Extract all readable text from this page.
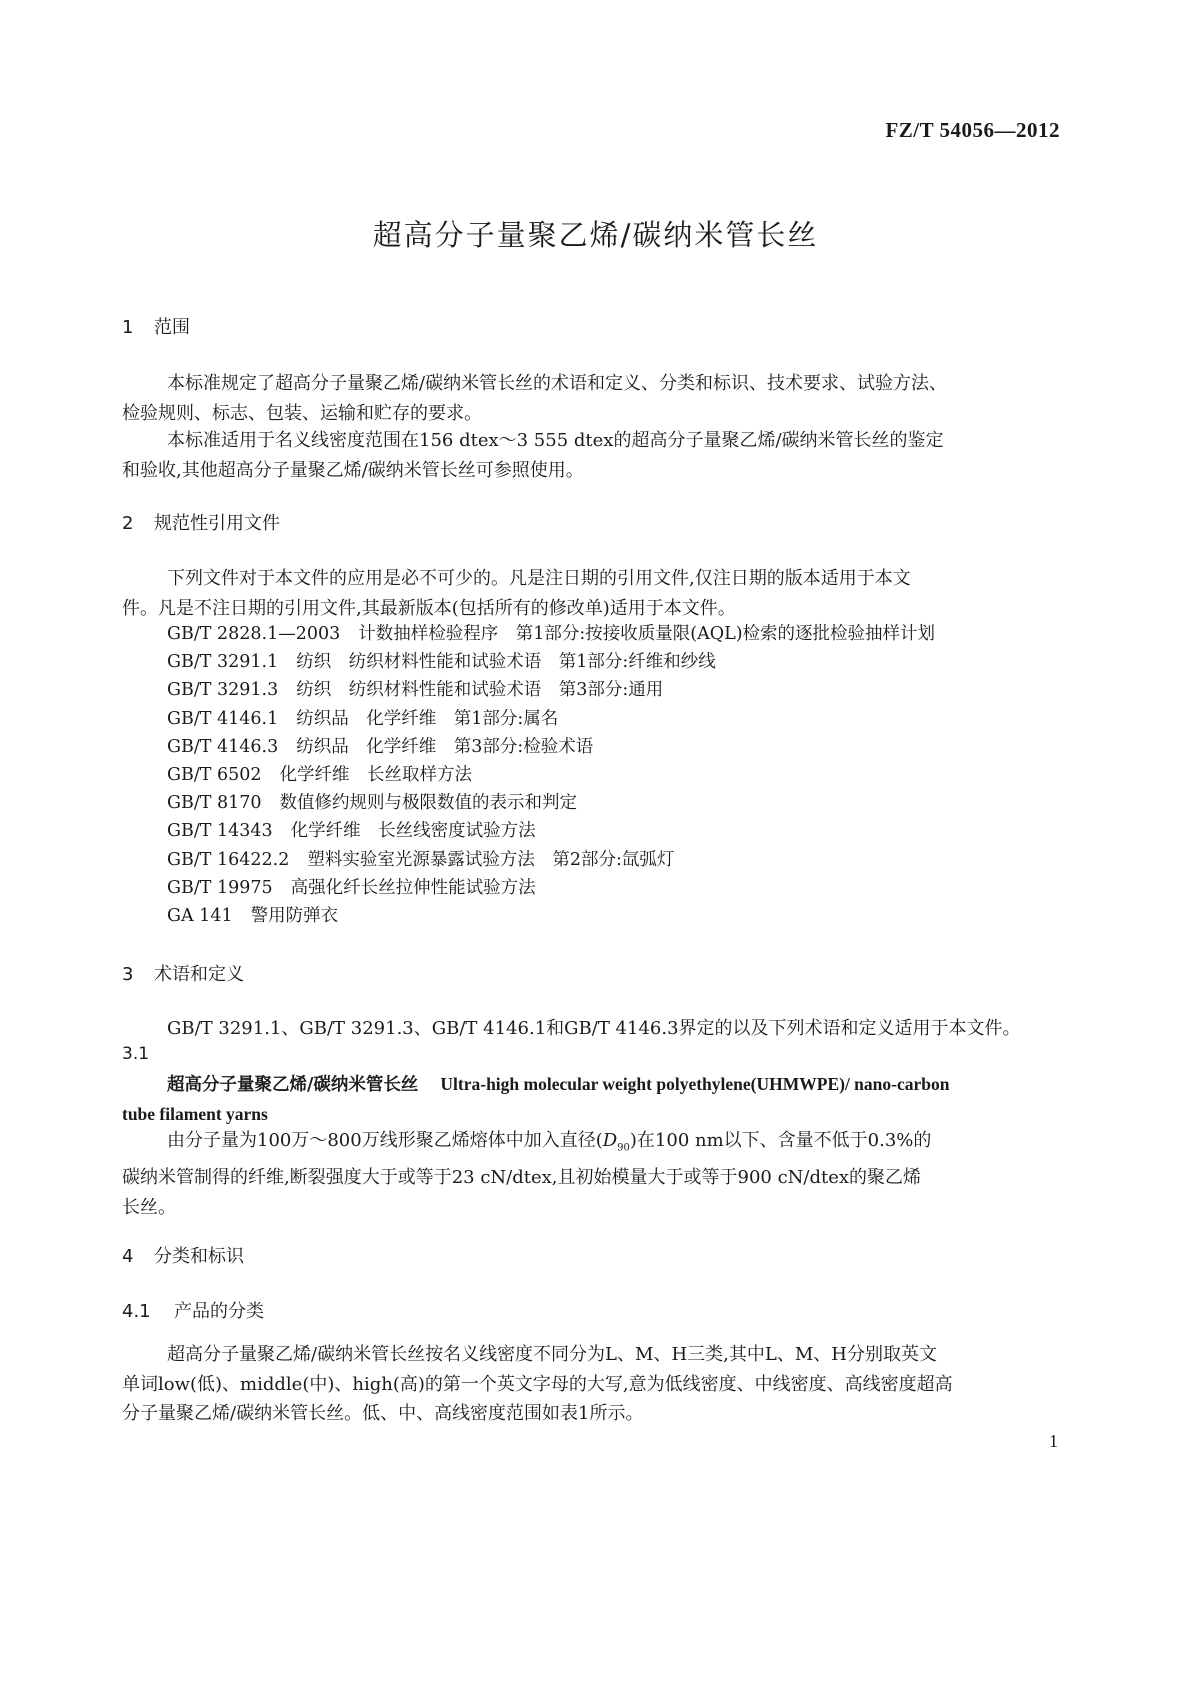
FZ/T 54056—2012
超高分子量聚乙烯/碳纳米管长丝
1 范围
本标准规定了超高分子量聚乙烯/碳纳米管长丝的术语和定义、分类和标识、技术要求、试验方法、
检验规则、标志、包装、运输和贮存的要求。
本标准适用于名义线密度范围在156 dtex～3 555 dtex的超高分子量聚乙烯/碳纳米管长丝的鉴定
和验收,其他超高分子量聚乙烯/碳纳米管长丝可参照使用。
2 规范性引用文件
下列文件对于本文件的应用是必不可少的。凡是注日期的引用文件,仅注日期的版本适用于本文
件。凡是不注日期的引用文件,其最新版本(包括所有的修改单)适用于本文件。
GB/T 2828.1—2003 计数抽样检验程序　第1部分:按接收质量限(AQL)检索的逐批检验抽样计划
GB/T 3291.1 纺织　纺织材料性能和试验术语　第1部分:纤维和纱线
GB/T 3291.3 纺织　纺织材料性能和试验术语　第3部分:通用
GB/T 4146.1 纺织品　化学纤维　第1部分:属名
GB/T 4146.3 纺织品　化学纤维　第3部分:检验术语
GB/T 6502 化学纤维　长丝取样方法
GB/T 8170 数值修约规则与极限数值的表示和判定
GB/T 14343 化学纤维　长丝线密度试验方法
GB/T 16422.2 塑料实验室光源暴露试验方法　第2部分:氙弧灯
GB/T 19975 高强化纤长丝拉伸性能试验方法
GA 141 警用防弹衣
3 术语和定义
GB/T 3291.1、GB/T 3291.3、GB/T 4146.1和GB/T 4146.3界定的以及下列术语和定义适用于本文件。
3.1
超高分子量聚乙烯/碳纳米管长丝 Ultra-high molecular weight polyethylene(UHMWPE)/ nano-carbon
tube filament yarns
由分子量为100万～800万线形聚乙烯熔体中加入直径$(D_{90})$在100 nm以下、含量不低于0.3%的
碳纳米管制得的纤维,断裂强度大于或等于23 cN/dtex,且初始模量大于或等于900 cN/dtex的聚乙烯
长丝。
4 分类和标识
4.1 产品的分类
超高分子量聚乙烯/碳纳米管长丝按名义线密度不同分为L、M、H三类,其中L、M、H分别取英文
单词low(低)、middle(中)、high(高)的第一个英文字母的大写,意为低线密度、中线密度、高线密度超高
分子量聚乙烯/碳纳米管长丝。低、中、高线密度范围如表1所示。
1
